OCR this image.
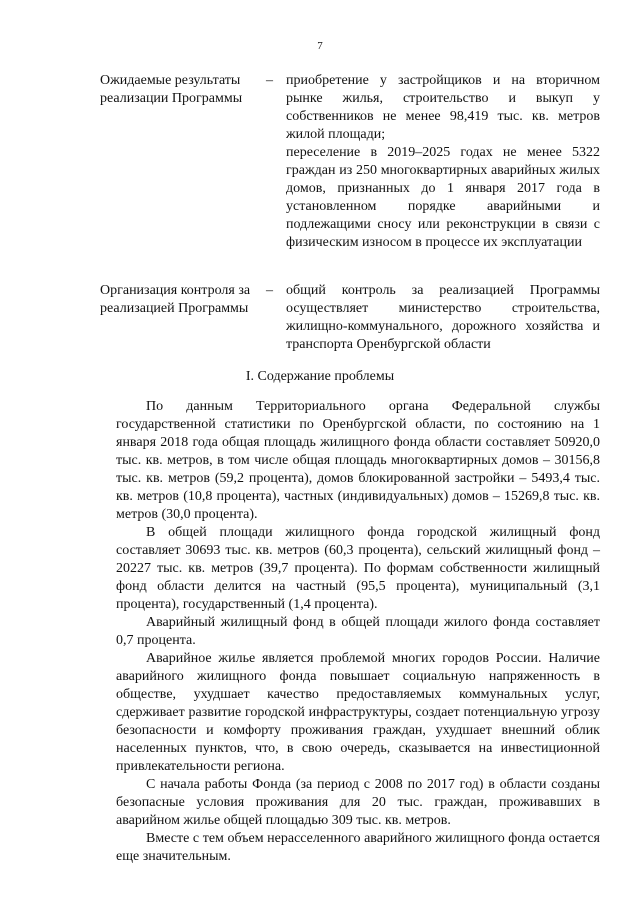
7
Ожидаемые результаты реализации Программы
– приобретение у застройщиков и на вторичном рынке жилья, строительство и выкуп у собственников не менее 98,419 тыс. кв. метров жилой площади;

переселение в 2019–2025 годах не менее 5322 граждан из 250 многоквартирных аварийных жилых домов, признанных до 1 января 2017 года в установленном порядке аварийными и подлежащими сносу или реконструкции в связи с физическим износом в процессе их эксплуатации

Организация контроля за реализацией Программы
– общий контроль за реализацией Программы осуществляет министерство строительства, жилищно-коммунального, дорожного хозяйства и транспорта Оренбургской области

I. Содержание проблемы

По данным Территориального органа Федеральной службы государственной статистики по Оренбургской области, по состоянию на 1 января 2018 года общая площадь жилищного фонда области составляет 50920,0 тыс. кв. метров, в том числе общая площадь многоквартирных домов – 30156,8 тыс. кв. метров (59,2 процента), домов блокированной застройки – 5493,4 тыс. кв. метров (10,8 процента), частных (индивидуальных) домов – 15269,8 тыс. кв. метров (30,0 процента).

В общей площади жилищного фонда городской жилищный фонд составляет 30693 тыс. кв. метров (60,3 процента), сельский жилищный фонд – 20227 тыс. кв. метров (39,7 процента). По формам собственности жилищный фонд области делится на частный (95,5 процента), муниципальный (3,1 процента), государственный (1,4 процента).

Аварийный жилищный фонд в общей площади жилого фонда составляет 0,7 процента.

Аварийное жилье является проблемой многих городов России. Наличие аварийного жилищного фонда повышает социальную напряженность в обществе, ухудшает качество предоставляемых коммунальных услуг, сдерживает развитие городской инфраструктуры, создает потенциальную угрозу безопасности и комфорту проживания граждан, ухудшает внешний облик населенных пунктов, что, в свою очередь, сказывается на инвестиционной привлекательности региона.

С начала работы Фонда (за период с 2008 по 2017 год) в области созданы безопасные условия проживания для 20 тыс. граждан, проживавших в аварийном жилье общей площадью 309 тыс. кв. метров.

Вместе с тем объем нерасселенного аварийного жилищного фонда остается еще значительным.
